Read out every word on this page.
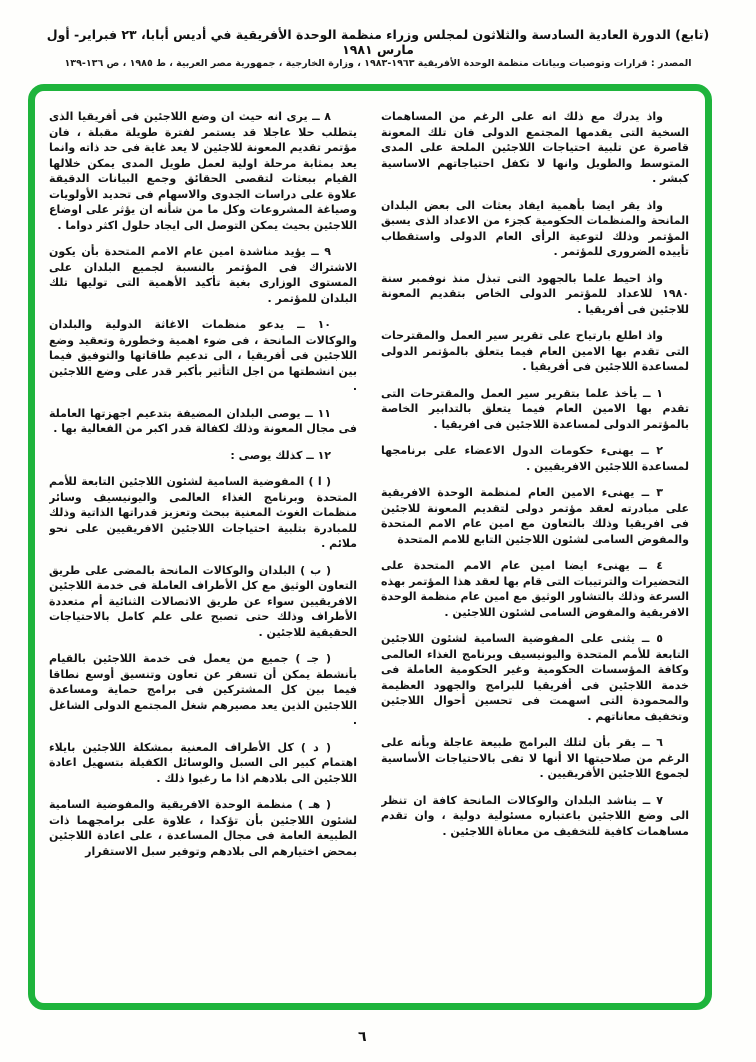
(تابع) الدورة العادية السادسة والثلاثون لمجلس وزراء منظمة الوحدة الأفريقية في أديس أبابا، ٢٣ فبراير- أول مارس ١٩٨١
المصدر : قرارات وتوصيات وبيانات منظمة الوحدة الأفريقية ١٩٦٣-١٩٨٣ ، وزارة الخارجية ، جمهورية مصر العربية ، ط ١٩٨٥ ، ص ١٣٦-١٣٩

واذ يدرك مع ذلك انه على الرغم من المساهمات السخية التى يقدمها المجتمع الدولى فان تلك المعونة قاصرة عن تلبية احتياجات اللاجئين الملحة على المدى المتوسط والطويل وانها لا تكفل احتياجاتهم الاساسية كبشر .

واذ يقر ايضا بأهمية ايفاد بعثات الى بعض البلدان المانحة والمنظمات الحكومية كجزء من الاعداد الذى يسبق المؤتمر وذلك لتوعية الرأى العام الدولى واستقطاب تأييده الضرورى للمؤتمر .

واذ احيط علما بالجهود التى تبذل منذ نوفمبر سنة ١٩٨٠ للاعداد للمؤتمر الدولى الخاص بتقديم المعونة للاجئين فى أفريقيا .

واذ اطلع بارتياح على تقرير سير العمل والمقترحات التى تقدم بها الامين العام فيما يتعلق بالمؤتمر الدولى لمساعدة اللاجئين فى أفريقيا .

١ ــ يأخذ علما بتقرير سير العمل والمقترحات التى تقدم بها الامين العام فيما يتعلق بالتدابير الخاصة بالمؤتمر الدولى لمساعدة اللاجئين فى افريقيا .

٢ ــ يهنىء حكومات الدول الاعضاء على برنامجها لمساعدة اللاجئين الافريقيين .

٣ ــ يهنىء الامين العام لمنظمة الوحدة الافريقية على مبادرته لعقد مؤتمر دولى لتقديم المعونة للاجئين فى افريقيا وذلك بالتعاون مع امين عام الامم المتحدة والمفوض السامى لشئون اللاجئين التابع للامم المتحدة

٤ ــ يهنىء ايضا امين عام الامم المتحدة على التحضيرات والترتيبات التى قام بها لعقد هذا المؤتمر بهذه السرعة وذلك بالتشاور الوثيق مع امين عام منظمة الوحدة الافريقية والمفوض السامى لشئون اللاجئين .

٥ ــ يثنى على المفوضية السامية لشئون اللاجئين التابعة للأمم المتحدة واليونيسيف وبرنامج الغذاء العالمى وكافة المؤسسات الحكومية وغير الحكومية العاملة فى خدمة اللاجئين فى أفريقيا للبرامج والجهود العظيمة والمحمودة التى اسهمت فى تحسين أحوال اللاجئين وتخفيف معاناتهم .

٦ ــ يقر بأن لتلك البرامج طبيعة عاجلة وبأنه على الرغم من صلاحيتها الا أنها لا تفى بالاحتياجات الأساسية لجموع اللاجئين الأفريقيين .

٧ ــ يناشد البلدان والوكالات المانحة كافة ان تنظر الى وضع اللاجئين باعتباره مسئولية دولية ، وان تقدم مساهمات كافية للتخفيف من معاناة اللاجئين .

٨ ــ يرى انه حيث ان وضع اللاجئين فى أفريقيا الذى يتطلب حلا عاجلا قد يستمر لفترة طويلة مقبلة ، فان مؤتمر تقديم المعونة للاجئين لا يعد غاية فى حد ذاته وانما يعد بمثابة مرحلة اولية لعمل طويل المدى يمكن خلالها القيام ببعثات لتقصى الحقائق وجمع البيانات الدقيقة علاوة على دراسات الجدوى والاسهام فى تحديد الأولويات وصياغة المشروعات وكل ما من شأنه ان يؤثر على اوضاع اللاجئين بحيث يمكن التوصل الى ايجاد حلول اكثر دواما .

٩ ــ يؤيد مناشدة امين عام الامم المتحدة بأن يكون الاشتراك فى المؤتمر بالنسبة لجميع البلدان على المستوى الوزارى بغية تأكيد الأهمية التى توليها تلك البلدان للمؤتمر .

١٠ ــ يدعو منظمات الاغاثة الدولية والبلدان والوكالات المانحة ، فى ضوء اهمية وخطورة وتعقيد وضع اللاجئين فى أفريقيا ، الى تدعيم طاقاتها والتوفيق فيما بين انشطتها من اجل التأثير بأكبر قدر على وضع اللاجئين .

١١ ــ يوصى البلدان المضيفة بتدعيم اجهزتها العاملة فى مجال المعونة وذلك لكفالة قدر اكبر من الفعالية بها .

١٢ ــ كذلك يوصى :

( ا ) المفوضية السامية لشئون اللاجئين التابعة للأمم المتحدة وبرنامج الغذاء العالمى واليونيسيف وسائر منظمات الغوث المعنية ببحث وتعزيز قدراتها الذاتية وذلك للمبادرة بتلبية احتياجات اللاجئين الافريقيين على نحو ملائم .

( ب ) البلدان والوكالات المانحة بالمضى على طريق التعاون الوثيق مع كل الأطراف العاملة فى خدمة اللاجئين الافريقيين سواء عن طريق الاتصالات الثنائية أم متعددة الأطراف وذلك حتى تصبح على علم كامل بالاحتياجات الحقيقية للاجئين .

( جـ ) جميع من يعمل فى خدمة اللاجئين بالقيام بأنشطة يمكن أن تسفر عن تعاون وتنسيق أوسع نطاقا فيما بين كل المشتركين فى برامج حماية ومساعدة اللاجئين الذين يعد مصيرهم شغل المجتمع الدولى الشاغل .

( د ) كل الأطراف المعنية بمشكلة اللاجئين بايلاء اهتمام كبير الى السبل والوسائل الكفيلة بتسهيل اعادة اللاجئين الى بلادهم اذا ما رغبوا ذلك .

( هـ ) منظمة الوحدة الافريقية والمفوضية السامية لشئون اللاجئين بأن تؤكدا ، علاوة على برامجهما ذات الطبيعة العامة فى مجال المساعدة ، على اعادة اللاجئين بمحض اختيارهم الى بلادهم وتوفير سبل الاستقرار

٦
